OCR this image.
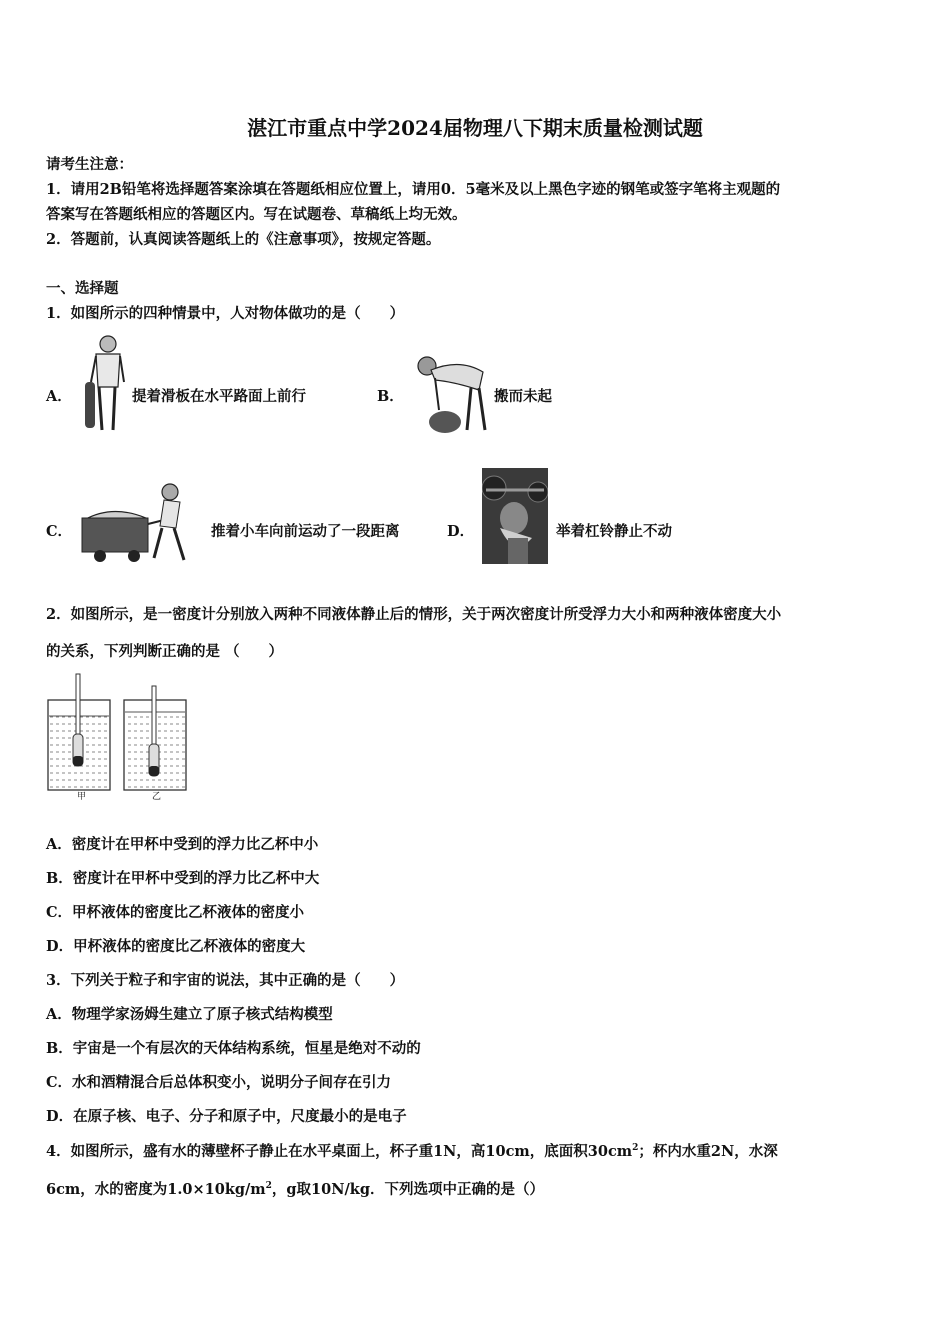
湛江市重点中学2024届物理八下期末质量检测试题
请考生注意：
1．请用2B铅笔将选择题答案涂填在答题纸相应位置上，请用0．5毫米及以上黑色字迹的钢笔或签字笔将主观题的
答案写在答题纸相应的答题区内。写在试题卷、草稿纸上均无效。
2．答题前，认真阅读答题纸上的《注意事项》，按规定答题。
一、选择题
1．如图所示的四种情景中，人对物体做功的是（　　）
A．	提着滑板在水平路面上前行	B．	搬而未起
C．	推着小车向前运动了一段距离	D．	举着杠铃静止不动
2．如图所示，是一密度计分别放入两种不同液体静止后的情形，关于两次密度计所受浮力大小和两种液体密度大小
的关系，下列判断正确的是 （　　）
甲	乙
A．密度计在甲杯中受到的浮力比乙杯中小
B．密度计在甲杯中受到的浮力比乙杯中大
C．甲杯液体的密度比乙杯液体的密度小
D．甲杯液体的密度比乙杯液体的密度大
3．下列关于粒子和宇宙的说法，其中正确的是（　　）
A．物理学家汤姆生建立了原子核式结构模型
B．宇宙是一个有层次的天体结构系统，恒星是绝对不动的
C．水和酒精混合后总体积变小，说明分子间存在引力
D．在原子核、电子、分子和原子中，尺度最小的是电子
4．如图所示，盛有水的薄壁杯子静止在水平桌面上，杯子重1N，高10cm，底面积$30cm^2$；杯内水重2N，水深
6cm，水的密度为$1.0\times 10kg/m^2$，g取10N/kg．下列选项中正确的是（）
